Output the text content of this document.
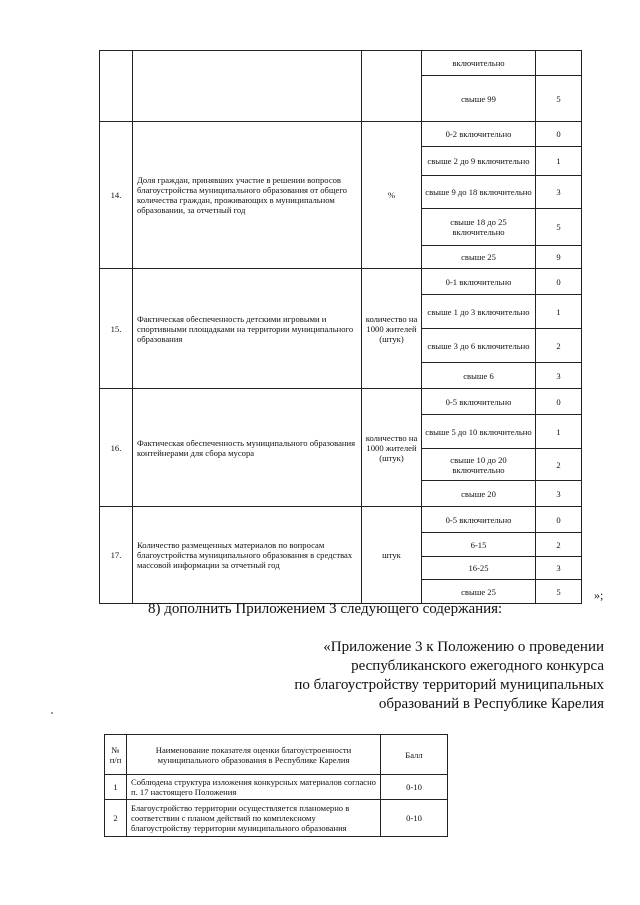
			включительно	
			свыше 99	5
14.	Доля граждан, принявших участие в решении вопросов благоустройства муниципального образования от общего количества граждан, проживающих в муниципальном образовании, за отчетный год	%	0-2 включительно	0
			свыше 2 до 9 включительно	1
			свыше 9 до 18 включительно	3
			свыше 18 до 25 включительно	5
			свыше 25	9
15.	Фактическая обеспеченность детскими игровыми и спортивными площадками на территории муниципального образования	количество на 1000 жителей (штук)	0-1 включительно	0
			свыше 1 до 3 включительно	1
			свыше 3 до 6 включительно	2
			свыше 6	3
16.	Фактическая обеспеченность муниципального образования контейнерами для сбора мусора	количество на 1000 жителей (штук)	0-5 включительно	0
			свыше 5 до 10 включительно	1
			свыше 10 до 20 включительно	2
			свыше 20	3
17.	Количество размещенных материалов по вопросам благоустройства муниципального образования в средствах массовой информации за отчетный год	штук	0-5 включительно	0
			6-15	2
			16-25	3
			свыше 25	5	»;
8) дополнить Приложением 3 следующего содержания:
«Приложение 3 к Положению о проведении
республиканского ежегодного конкурса
по благоустройству территорий муниципальных
образований в Республике Карелия
№ п/п	Наименование показателя оценки благоустроенности муниципального образования в Республике Карелия	Балл
1	Соблюдена структура изложения конкурсных материалов согласно п. 17 настоящего Положения	0-10
2	Благоустройство территории осуществляется планомерно в соответствии с планом действий по комплексному благоустройству территории муниципального образования	0-10
